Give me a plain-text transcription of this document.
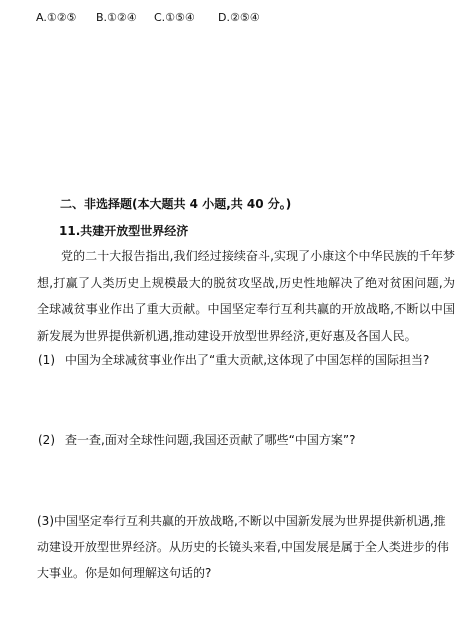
A.①②⑤ B.①②④ C.①⑤④ D.②⑤④
二、非选择题(本大题共 4 小题,共 40 分。)
11.共建开放型世界经济
党的二十大报告指出,我们经过接续奋斗,实现了小康这个中华民族的千年梦想,打赢了人类历史上规模最大的脱贫攻坚战,历史性地解决了绝对贫困问题,为全球减贫事业作出了重大贡献。中国坚定奉行互利共赢的开放战略,不断以中国新发展为世界提供新机遇,推动建设开放型世界经济,更好惠及各国人民。
(1) 中国为全球减贫事业作出了“重大贡献,这体现了中国怎样的国际担当?
(2) 查一查,面对全球性问题,我国还贡献了哪些“中国方案”?
(3)中国坚定奉行互利共赢的开放战略,不断以中国新发展为世界提供新机遇,推动建设开放型世界经济。从历史的长镜头来看,中国发展是属于全人类进步的伟大事业。你是如何理解这句话的?
